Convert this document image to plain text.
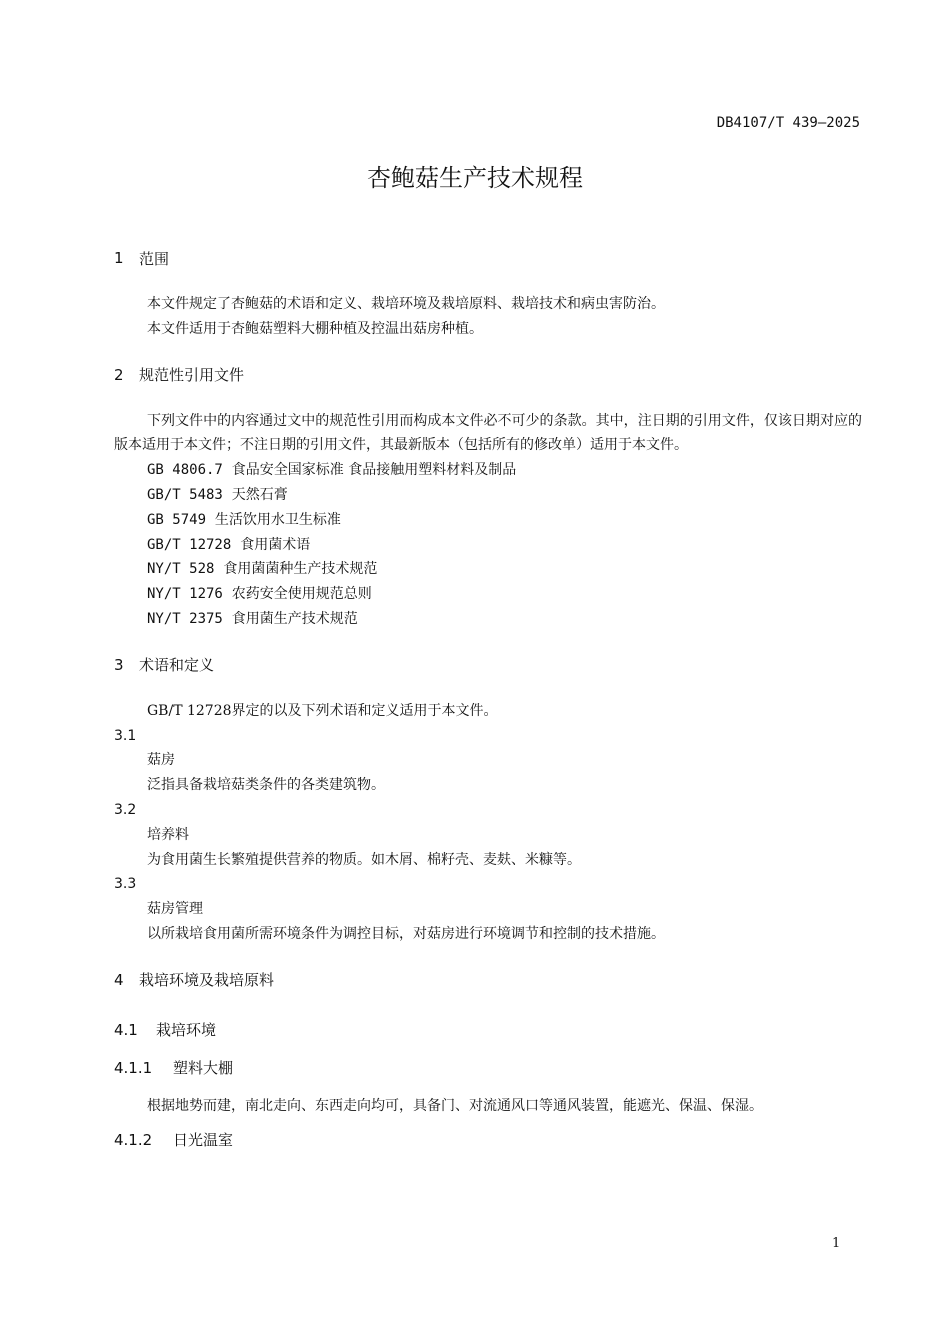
DB4107/T 439—2025
杏鲍菇生产技术规程
1	范围
本文件规定了杏鲍菇的术语和定义、栽培环境及栽培原料、栽培技术和病虫害防治。
本文件适用于杏鲍菇塑料大棚种植及控温出菇房种植。
2	规范性引用文件
下列文件中的内容通过文中的规范性引用而构成本文件必不可少的条款。其中，注日期的引用文件，仅该日期对应的版本适用于本文件；不注日期的引用文件，其最新版本（包括所有的修改单）适用于本文件。
GB 4806.7 食品安全国家标准 食品接触用塑料材料及制品
GB/T 5483 天然石膏
GB 5749 生活饮用水卫生标准
GB/T 12728 食用菌术语
NY/T 528 食用菌菌种生产技术规范
NY/T 1276 农药安全使用规范总则
NY/T 2375 食用菌生产技术规范
3	术语和定义
GB/T 12728界定的以及下列术语和定义适用于本文件。
3.1
菇房
泛指具备栽培菇类条件的各类建筑物。
3.2
培养料
为食用菌生长繁殖提供营养的物质。如木屑、棉籽壳、麦麸、米糠等。
3.3
菇房管理
以所栽培食用菌所需环境条件为调控目标，对菇房进行环境调节和控制的技术措施。
4	栽培环境及栽培原料
4.1	栽培环境
4.1.1	塑料大棚
根据地势而建，南北走向、东西走向均可，具备门、对流通风口等通风装置，能遮光、保温、保湿。
4.1.2	日光温室
1
